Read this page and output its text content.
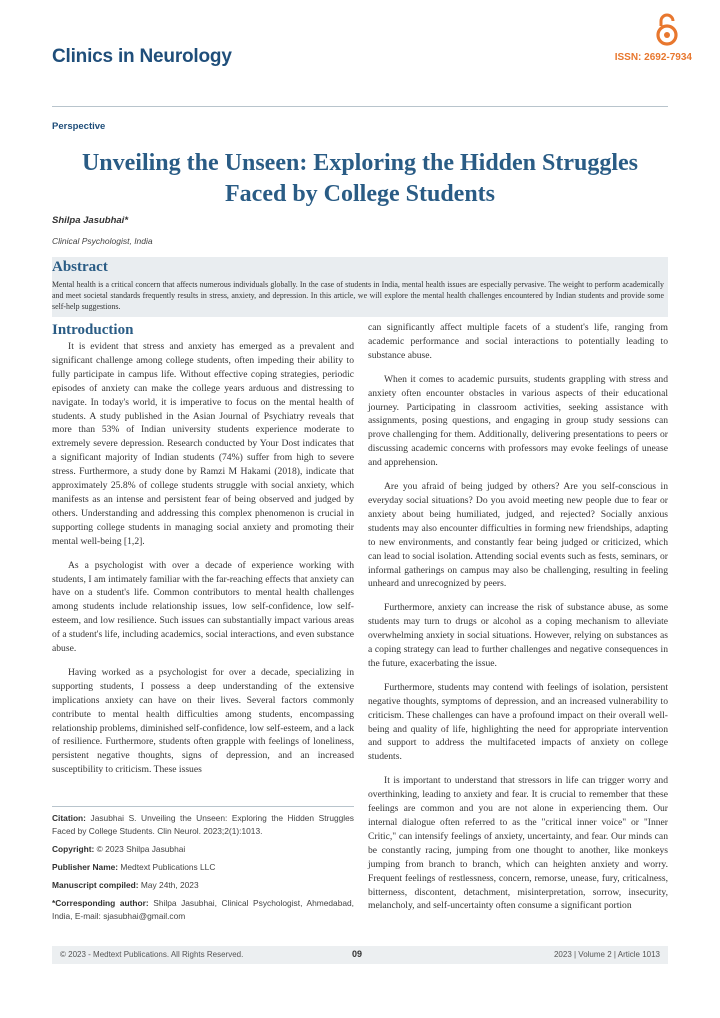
Clinics in Neurology	ISSN: 2692-7934
Perspective
Unveiling the Unseen: Exploring the Hidden Struggles
Faced by College Students
Shilpa Jasubhai*
Clinical Psychologist, India
Abstract
Mental health is a critical concern that affects numerous individuals globally. In the case of students in India, mental health issues are especially pervasive. The weight to perform academically and meet societal standards frequently results in stress, anxiety, and depression. In this article, we will explore the mental health challenges encountered by Indian students and provide some self-help suggestions.
Introduction

It is evident that stress and anxiety has emerged as a prevalent and significant challenge among college students, often impeding their ability to fully participate in campus life. Without effective coping strategies, periodic episodes of anxiety can make the college years arduous and distressing to navigate. In today's world, it is imperative to focus on the mental health of students. A study published in the Asian Journal of Psychiatry reveals that more than 53% of Indian university students experience moderate to extremely severe depression. Research conducted by Your Dost indicates that a significant majority of Indian students (74%) suffer from high to severe stress. Furthermore, a study done by Ramzi M Hakami (2018), indicate that approximately 25.8% of college students struggle with social anxiety, which manifests as an intense and persistent fear of being observed and judged by others. Understanding and addressing this complex phenomenon is crucial in supporting college students in managing social anxiety and promoting their mental well-being [1,2].

As a psychologist with over a decade of experience working with students, I am intimately familiar with the far-reaching effects that anxiety can have on a student's life. Common contributors to mental health challenges among students include relationship issues, low self-confidence, low self-esteem, and low resilience. Such issues can substantially impact various areas of a student's life, including academics, social interactions, and even substance abuse.

Having worked as a psychologist for over a decade, specializing in supporting students, I possess a deep understanding of the extensive implications anxiety can have on their lives. Several factors commonly contribute to mental health difficulties among students, encompassing relationship problems, diminished self-confidence, low self-esteem, and a lack of resilience. Furthermore, students often grapple with feelings of loneliness, persistent negative thoughts, signs of depression, and an increased susceptibility to criticism. These issues

can significantly affect multiple facets of a student's life, ranging from academic performance and social interactions to potentially leading to substance abuse.

When it comes to academic pursuits, students grappling with stress and anxiety often encounter obstacles in various aspects of their educational journey. Participating in classroom activities, seeking assistance with assignments, posing questions, and engaging in group study sessions can prove challenging for them. Additionally, delivering presentations to peers or discussing academic concerns with professors may evoke feelings of unease and apprehension.

Are you afraid of being judged by others? Are you self-conscious in everyday social situations? Do you avoid meeting new people due to fear or anxiety about being humiliated, judged, and rejected? Socially anxious students may also encounter difficulties in forming new friendships, adapting to new environments, and constantly fear being judged or criticized, which can lead to social isolation. Attending social events such as fests, seminars, or informal gatherings on campus may also be challenging, resulting in feeling unheard and unrecognized by peers.

Furthermore, anxiety can increase the risk of substance abuse, as some students may turn to drugs or alcohol as a coping mechanism to alleviate overwhelming anxiety in social situations. However, relying on substances as a coping strategy can lead to further challenges and negative consequences in the future, exacerbating the issue.

Furthermore, students may contend with feelings of isolation, persistent negative thoughts, symptoms of depression, and an increased vulnerability to criticism. These challenges can have a profound impact on their overall well-being and quality of life, highlighting the need for appropriate intervention and support to address the multifaceted impacts of anxiety on college students.

It is important to understand that stressors in life can trigger worry and overthinking, leading to anxiety and fear. It is crucial to remember that these feelings are common and you are not alone in experiencing them. Our internal dialogue often referred to as the "critical inner voice" or "Inner Critic," can intensify feelings of anxiety, uncertainty, and fear. Our minds can be constantly racing, jumping from one thought to another, like monkeys jumping from branch to branch, which can heighten anxiety and worry. Frequent feelings of restlessness, concern, remorse, unease, fury, criticalness, bitterness, discontent, detachment, misinterpretation, sorrow, insecurity, melancholy, and self-uncertainty often consume a significant portion

Citation: Jasubhai S. Unveiling the Unseen: Exploring the Hidden Struggles Faced by College Students. Clin Neurol. 2023;2(1):1013.

Copyright: © 2023 Shilpa Jasubhai

Publisher Name: Medtext Publications LLC

Manuscript compiled: May 24th, 2023

*Corresponding author: Shilpa Jasubhai, Clinical Psychologist, Ahmedabad, India, E-mail: sjasubhai@gmail.com

© 2023 - Medtext Publications. All Rights Reserved.	09	2023 | Volume 2 | Article 1013
